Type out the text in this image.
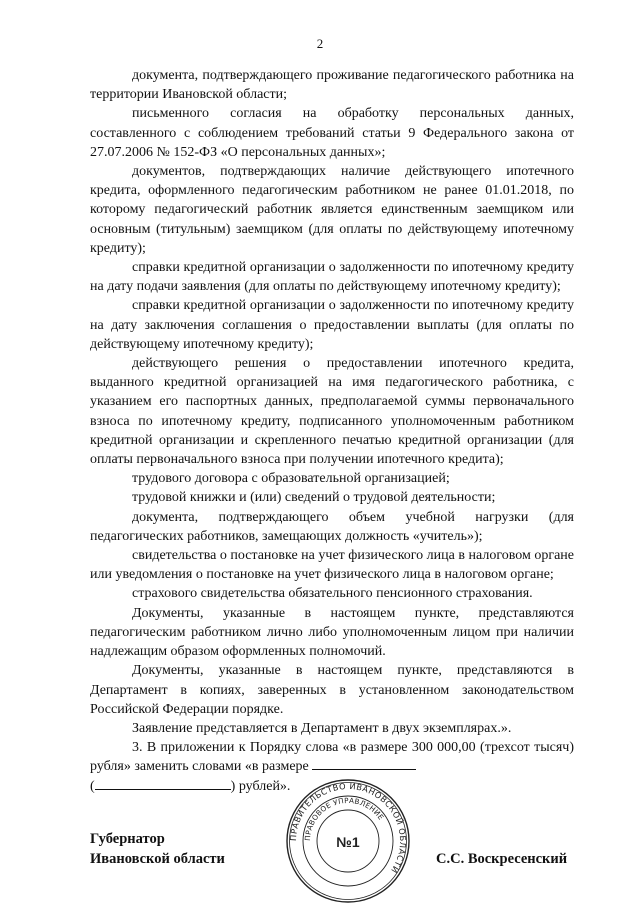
2

документа, подтверждающего проживание педагогического работника на территории Ивановской области;

письменного согласия на обработку персональных данных, составленного с соблюдением требований статьи 9 Федерального закона от 27.07.2006 № 152-ФЗ «О персональных данных»;

документов, подтверждающих наличие действующего ипотечного кредита, оформленного педагогическим работником не ранее 01.01.2018, по которому педагогический работник является единственным заемщиком или основным (титульным) заемщиком (для оплаты по действующему ипотечному кредиту);

справки кредитной организации о задолженности по ипотечному кредиту на дату подачи заявления (для оплаты по действующему ипотечному кредиту);

справки кредитной организации о задолженности по ипотечному кредиту на дату заключения соглашения о предоставлении выплаты (для оплаты по действующему ипотечному кредиту);

действующего решения о предоставлении ипотечного кредита, выданного кредитной организацией на имя педагогического работника, с указанием его паспортных данных, предполагаемой суммы первоначального взноса по ипотечному кредиту, подписанного уполномоченным работником кредитной организации и скрепленного печатью кредитной организации (для оплаты первоначального взноса при получении ипотечного кредита);

трудового договора с образовательной организацией;

трудовой книжки и (или) сведений о трудовой деятельности;

документа, подтверждающего объем учебной нагрузки (для педагогических работников, замещающих должность «учитель»);

свидетельства о постановке на учет физического лица в налоговом органе или уведомления о постановке на учет физического лица в налоговом органе;

страхового свидетельства обязательного пенсионного страхования.

Документы, указанные в настоящем пункте, представляются педагогическим работником лично либо уполномоченным лицом при наличии надлежащим образом оформленных полномочий.

Документы, указанные в настоящем пункте, представляются в Департамент в копиях, заверенных в установленном законодательством Российской Федерации порядке.

Заявление представляется в Департамент в двух экземплярах.».

3. В приложении к Порядку слова «в размере 300 000,00 (трехсот тысяч) рубля» заменить словами «в размере

(	) рублей».

Губернатор
Ивановской области	С.С. Воскресенский
ПРАВИТЕЛЬСТВО ИВАНОВСКОЙ ОБЛАСТИ
ПРАВОВОЕ УПРАВЛЕНИЕ
№1
